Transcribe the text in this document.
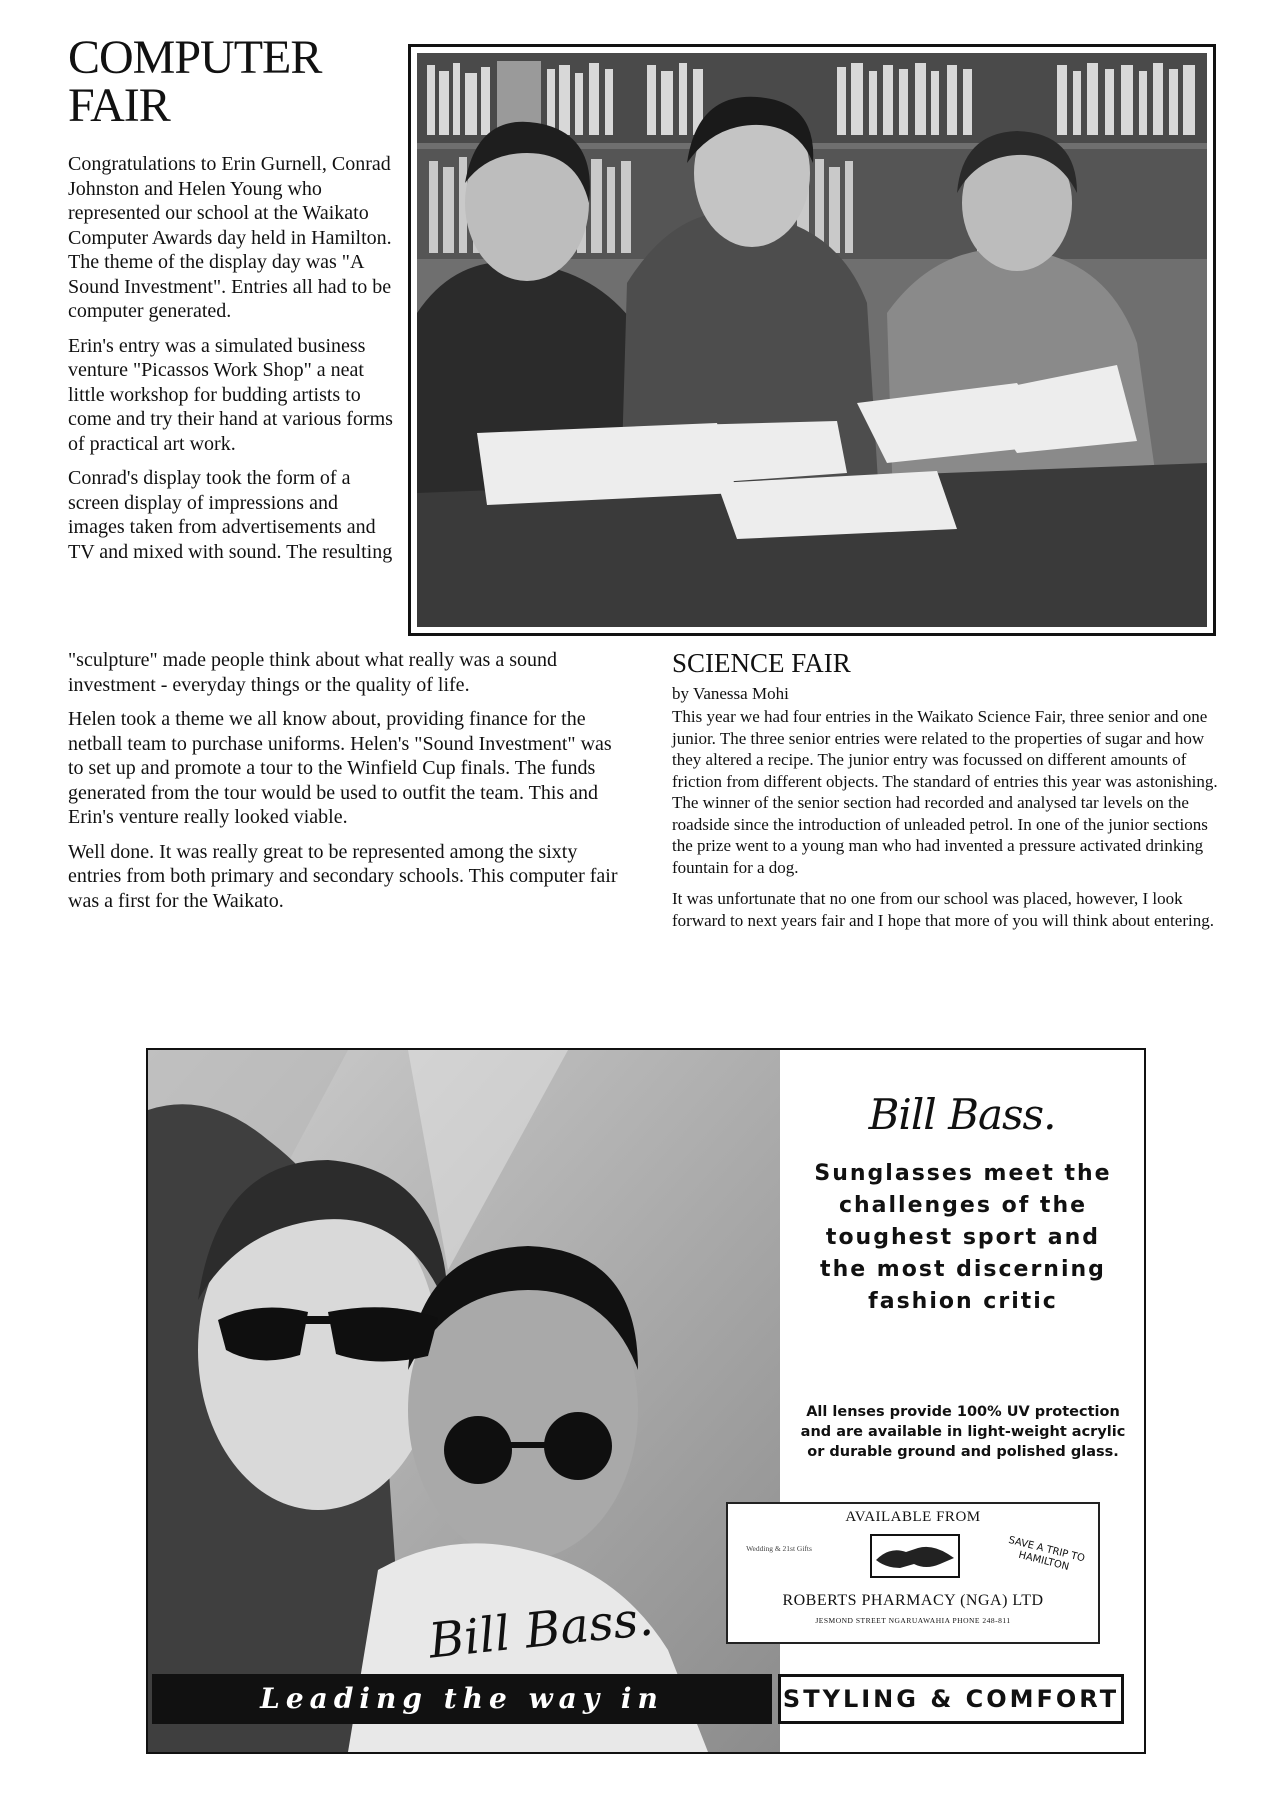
COMPUTER
FAIR

Congratulations to Erin Gurnell, Conrad Johnston and Helen Young who represented our school at the Waikato Computer Awards day held in Hamilton. The theme of the display day was "A Sound Investment". Entries all had to be computer generated.

Erin's entry was a simulated business venture "Picassos Work Shop" a neat little workshop for budding artists to come and try their hand at various forms of practical art work.

Conrad's display took the form of a screen display of impressions and images taken from advertisements and TV and mixed with sound. The resulting

"sculpture" made people think about what really was a sound investment - everyday things or the quality of life.

Helen took a theme we all know about, providing finance for the netball team to purchase uniforms. Helen's "Sound Investment" was to set up and promote a tour to the Winfield Cup finals. The funds generated from the tour would be used to outfit the team. This and Erin's venture really looked viable.

Well done. It was really great to be represented among the sixty entries from both primary and secondary schools. This computer fair was a first for the Waikato.

SCIENCE FAIR
by Vanessa Mohi

This year we had four entries in the Waikato Science Fair, three senior and one junior. The three senior entries were related to the properties of sugar and how they altered a recipe. The junior entry was focussed on different amounts of friction from different objects. The standard of entries this year was astonishing. The winner of the senior section had recorded and analysed tar levels on the roadside since the introduction of unleaded petrol. In one of the junior sections the prize went to a young man who had invented a pressure activated drinking fountain for a dog.

It was unfortunate that no one from our school was placed, however, I look forward to next years fair and I hope that more of you will think about entering.

Bill Bass.
Sunglasses meet the challenges of the toughest sport and the most discerning fashion critic
All lenses provide 100% UV protection and are available in light-weight acrylic or durable ground and polished glass.
AVAILABLE FROM
Wedding & 21st Gifts	SAVE A TRIP TO HAMILTON
ROBERTS PHARMACY (NGA) LTD
JESMOND STREET NGARUAWAHIA PHONE 248-811
Bill Bass.
Leading the way in	STYLING & COMFORT
